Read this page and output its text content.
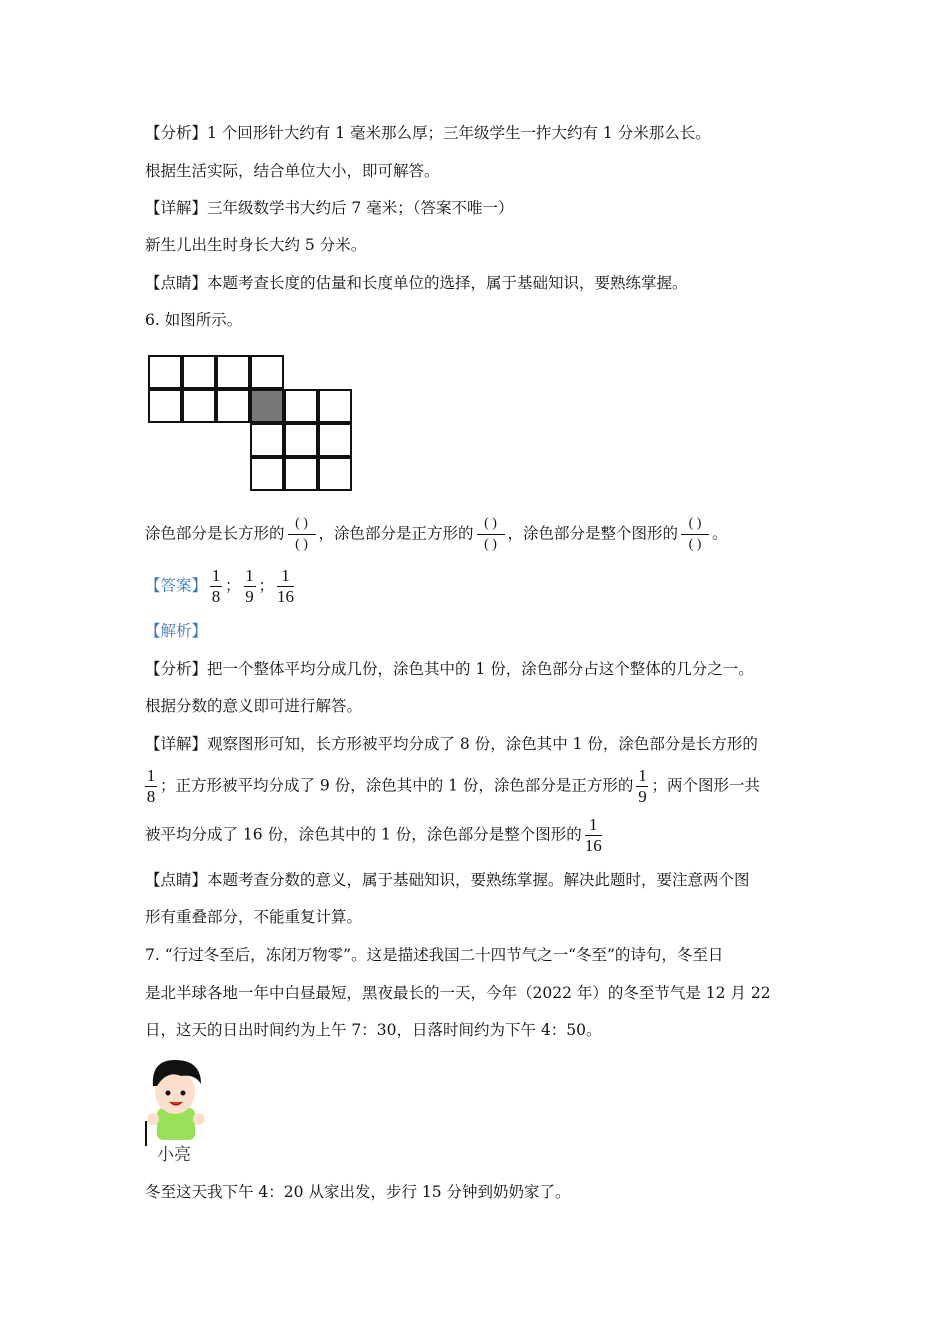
【分析】1 个回形针大约有 1 毫米那么厚；三年级学生一拃大约有 1 分米那么长。
根据生活实际，结合单位大小，即可解答。
【详解】三年级数学书大约后 7 毫米；（答案不唯一）
新生儿出生时身长大约 5 分米。
【点睛】本题考查长度的估量和长度单位的选择，属于基础知识，要熟练掌握。
6. 如图所示。
涂色部分是长方形的 $\frac{( )}{( )}$ ，涂色部分是正方形的 $\frac{( )}{( )}$ ，涂色部分是整个图形的 $\frac{( )}{( )}$ 。
【答案】 $\frac{1}{8}$ ； $\frac{1}{9}$ ； $\frac{1}{16}$
【解析】
【分析】把一个整体平均分成几份，涂色其中的 1 份，涂色部分占这个整体的几分之一。
根据分数的意义即可进行解答。
【详解】观察图形可知，长方形被平均分成了 8 份，涂色其中 1 份，涂色部分是长方形的
$\frac{1}{8}$ ；正方形被平均分成了 9 份，涂色其中的 1 份，涂色部分是正方形的 $\frac{1}{9}$ ；两个图形一共
被平均分成了 16 份，涂色其中的 1 份，涂色部分是整个图形的 $\frac{1}{16}$
【点睛】本题考查分数的意义，属于基础知识，要熟练掌握。解决此题时，要注意两个图
形有重叠部分，不能重复计算。
7. “行过冬至后，冻闭万物零”。这是描述我国二十四节气之一“冬至”的诗句，冬至日
是北半球各地一年中白昼最短，黑夜最长的一天，今年（2022 年）的冬至节气是 12 月 22
日，这天的日出时间约为上午 7：30，日落时间约为下午 4：50。
小亮
冬至这天我下午 4：20 从家出发，步行 15 分钟到奶奶家了。
